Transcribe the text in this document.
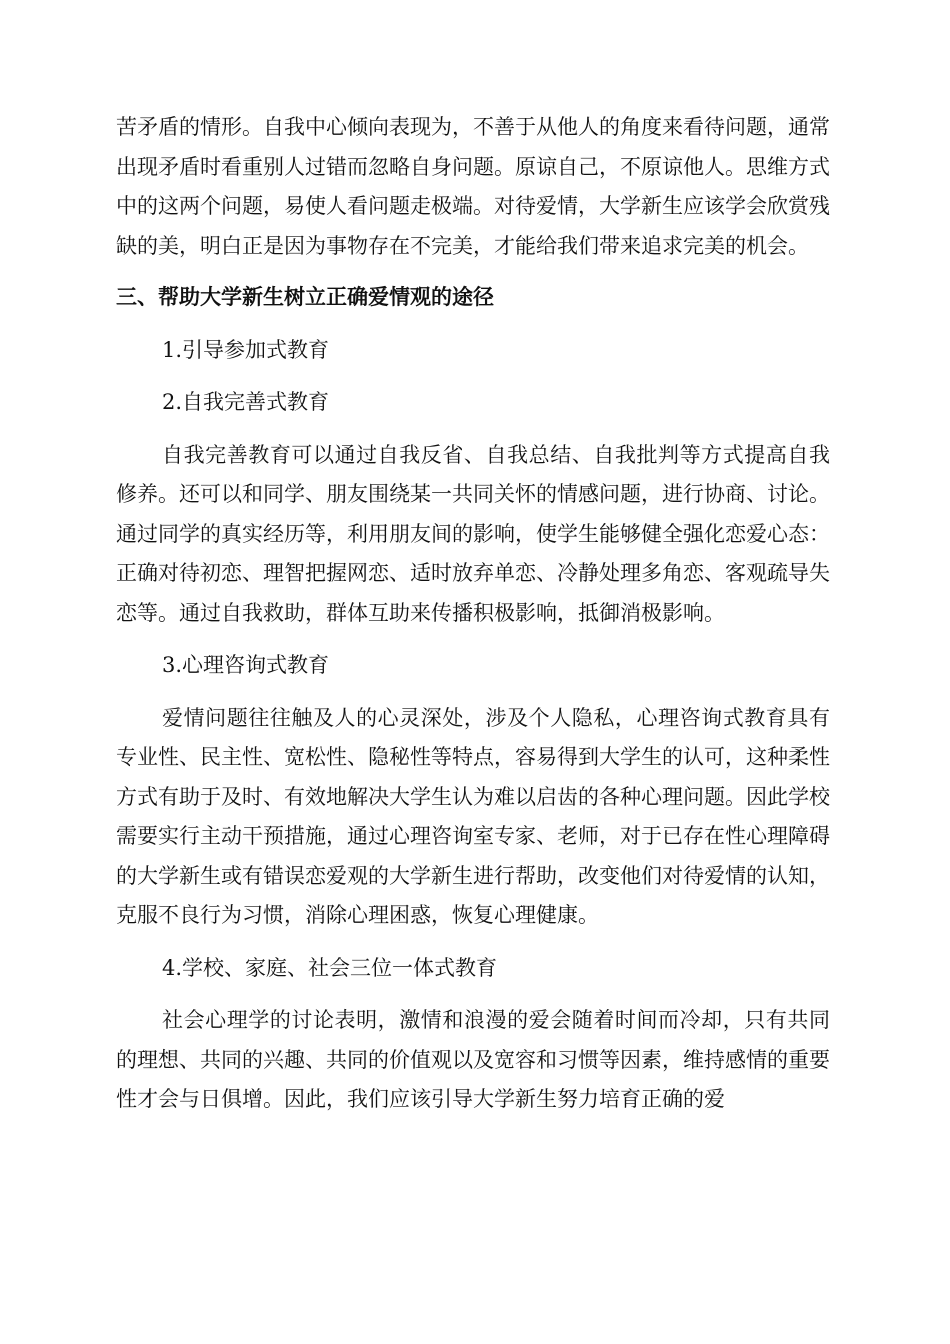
苦矛盾的情形。自我中心倾向表现为，不善于从他人的角度来看待问题，通常出现矛盾时看重别人过错而忽略自身问题。原谅自己，不原谅他人。思维方式中的这两个问题，易使人看问题走极端。对待爱情，大学新生应该学会欣赏残缺的美，明白正是因为事物存在不完美，才能给我们带来追求完美的机会。

三、帮助大学新生树立正确爱情观的途径

1.引导参加式教育

2.自我完善式教育

自我完善教育可以通过自我反省、自我总结、自我批判等方式提高自我修养。还可以和同学、朋友围绕某一共同关怀的情感问题，进行协商、讨论。通过同学的真实经历等，利用朋友间的影响，使学生能够健全强化恋爱心态：正确对待初恋、理智把握网恋、适时放弃单恋、冷静处理多角恋、客观疏导失恋等。通过自我救助，群体互助来传播积极影响，抵御消极影响。

3.心理咨询式教育

爱情问题往往触及人的心灵深处，涉及个人隐私，心理咨询式教育具有专业性、民主性、宽松性、隐秘性等特点，容易得到大学生的认可，这种柔性方式有助于及时、有效地解决大学生认为难以启齿的各种心理问题。因此学校需要实行主动干预措施，通过心理咨询室专家、老师，对于已存在性心理障碍的大学新生或有错误恋爱观的大学新生进行帮助，改变他们对待爱情的认知，克服不良行为习惯，消除心理困惑，恢复心理健康。

4.学校、家庭、社会三位一体式教育

社会心理学的讨论表明，激情和浪漫的爱会随着时间而冷却，只有共同的理想、共同的兴趣、共同的价值观以及宽容和习惯等因素，维持感情的重要性才会与日俱增。因此，我们应该引导大学新生努力培育正确的爱
